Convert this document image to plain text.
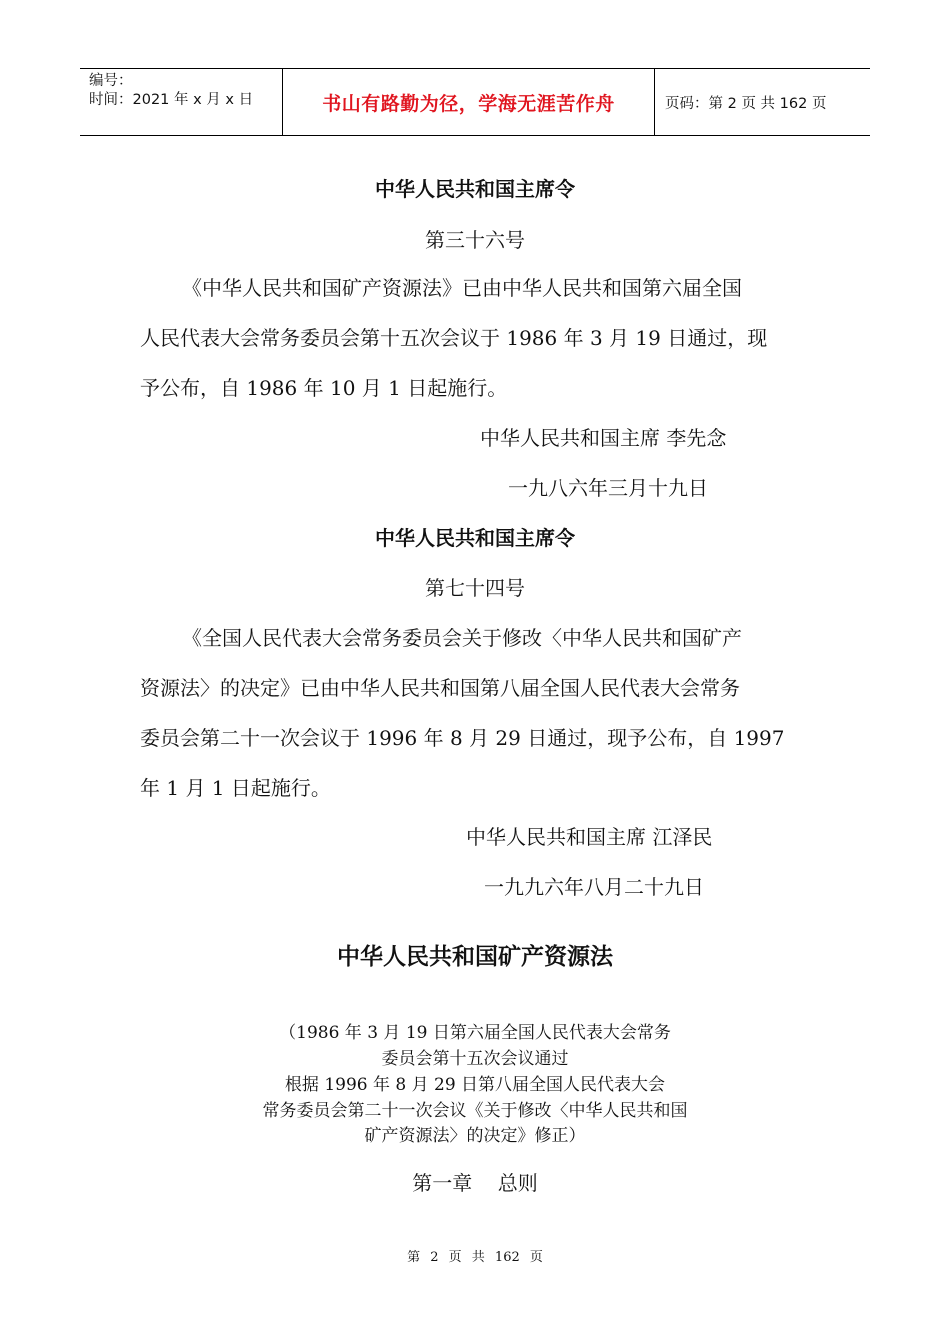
编号：
时间：2021 年 x 月 x 日	书山有路勤为径，学海无涯苦作舟	页码：第 2 页 共 162 页
中华人民共和国主席令
第三十六号
《中华人民共和国矿产资源法》已由中华人民共和国第六届全国
人民代表大会常务委员会第十五次会议于 1986 年 3 月 19 日通过，现
予公布，自 1986 年 10 月 1 日起施行。
中华人民共和国主席 李先念
一九八六年三月十九日
中华人民共和国主席令
第七十四号
《全国人民代表大会常务委员会关于修改〈中华人民共和国矿产
资源法〉的决定》已由中华人民共和国第八届全国人民代表大会常务
委员会第二十一次会议于 1996 年 8 月 29 日通过，现予公布，自 1997
年 1 月 1 日起施行。
中华人民共和国主席 江泽民
一九九六年八月二十九日
中华人民共和国矿产资源法
（1986 年 3 月 19 日第六届全国人民代表大会常务
委员会第十五次会议通过
根据 1996 年 8 月 29 日第八届全国人民代表大会
常务委员会第二十一次会议《关于修改〈中华人民共和国
矿产资源法〉的决定》修正）
第一章    总则
第 2 页 共 162 页
